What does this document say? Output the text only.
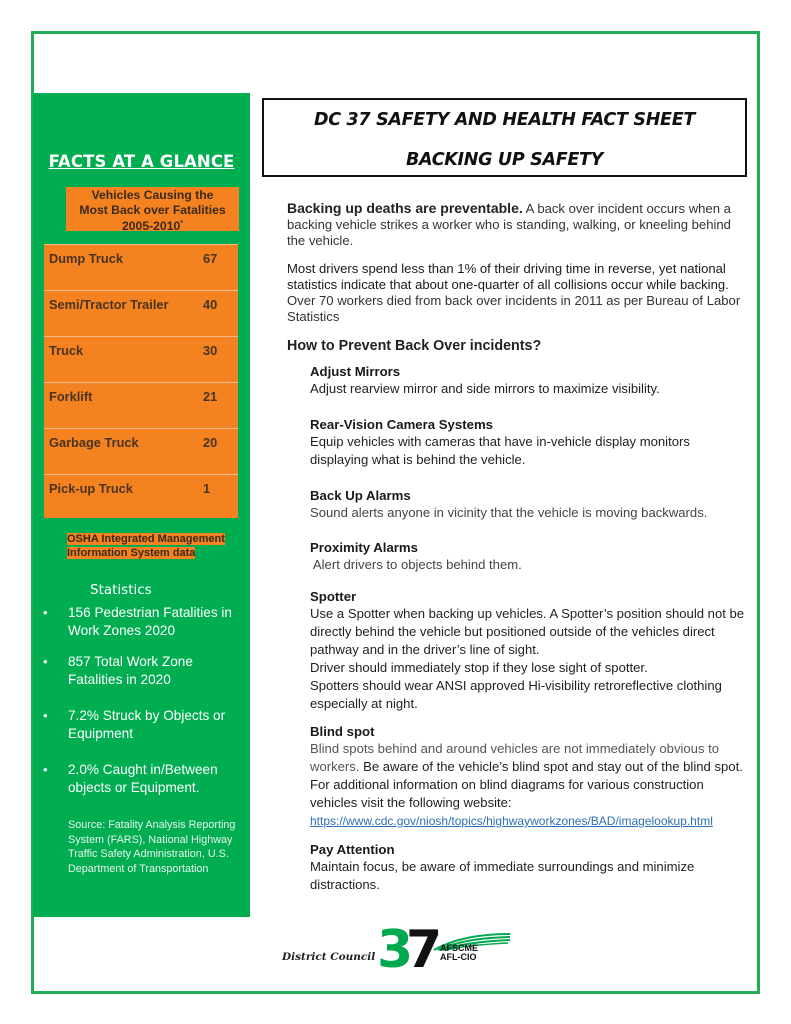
FACTS AT A GLANCE
Vehicles Causing the
Most Back over Fatalities
2005-2010*
Dump Truck	67
Semi/Tractor Trailer	40
Truck	30
Forklift	21
Garbage Truck	20
Pick-up Truck	1
OSHA Integrated Management
Information System data
Statistics
• 156 Pedestrian Fatalities in Work Zones 2020
• 857 Total Work Zone Fatalities in 2020
• 7.2% Struck by Objects or Equipment
• 2.0% Caught in/Between objects or Equipment.
Source: Fatality Analysis Reporting System (FARS), National Highway Traffic Safety Administration, U.S. Department of Transportation
DC 37 SAFETY AND HEALTH FACT SHEET
BACKING UP SAFETY
Backing up deaths are preventable. A back over incident occurs when a backing vehicle strikes a worker who is standing, walking, or kneeling behind the vehicle.
Most drivers spend less than 1% of their driving time in reverse, yet national statistics indicate that about one-quarter of all collisions occur while backing. Over 70 workers died from back over incidents in 2011 as per Bureau of Labor Statistics
How to Prevent Back Over incidents?
Adjust Mirrors
Adjust rearview mirror and side mirrors to maximize visibility.
Rear-Vision Camera Systems
Equip vehicles with cameras that have in-vehicle display monitors displaying what is behind the vehicle.
Back Up Alarms
Sound alerts anyone in vicinity that the vehicle is moving backwards.
Proximity Alarms
Alert drivers to objects behind them.
Spotter
Use a Spotter when backing up vehicles. A Spotter’s position should not be directly behind the vehicle but positioned outside of the vehicles direct pathway and in the driver’s line of sight.
Driver should immediately stop if they lose sight of spotter.
Spotters should wear ANSI approved Hi-visibility retroreflective clothing especially at night.
Blind spot
Blind spots behind and around vehicles are not immediately obvious to workers. Be aware of the vehicle’s blind spot and stay out of the blind spot. For additional information on blind diagrams for various construction vehicles visit the following website:
https://www.cdc.gov/niosh/topics/highwayworkzones/BAD/imagelookup.html
Pay Attention
Maintain focus, be aware of immediate surroundings and minimize distractions.
District Council 3
7
AFSCME
AFL-CIO
